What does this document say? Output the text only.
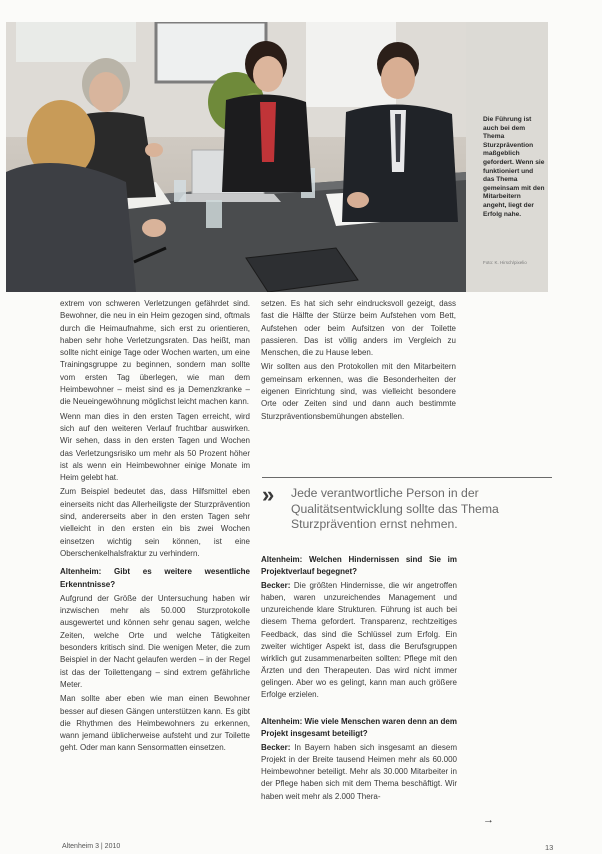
Die Führung ist auch bei dem Thema Sturzprävention maßgeblich gefordert. Wenn sie funktioniert und das Thema gemeinsam mit den Mitarbeitern angeht, liegt der Erfolg nahe.
Foto: K. Hirsch/pixelio

extrem von schweren Verletzungen gefährdet sind. Bewohner, die neu in ein Heim gezogen sind, oftmals durch die Heimaufnahme, sich erst zu orientieren, haben sehr hohe Verletzungsraten. Das heißt, man sollte nicht einige Tage oder Wochen warten, um eine Trainingsgruppe zu beginnen, sondern man sollte vom ersten Tag überlegen, wie man dem Heimbewohner – meist sind es ja Demenzkranke – die Neueingewöhnung möglichst leicht machen kann.

Wenn man dies in den ersten Tagen erreicht, wird sich auf den weiteren Verlauf fruchtbar auswirken. Wir sehen, dass in den ersten Tagen und Wochen das Verletzungsrisiko um mehr als 50 Prozent höher ist als wenn ein Heimbewohner einige Monate im Heim gelebt hat.

Zum Beispiel bedeutet das, dass Hilfsmittel eben einerseits nicht das Allerheiligste der Sturzprävention sind, andererseits aber in den ersten Tagen sehr vielleicht in den ersten ein bis zwei Wochen einsetzen wichtig sein können, ist eine Oberschenkelhalsfraktur zu verhindern.

Altenheim: Gibt es weitere wesentliche Erkenntnisse?

Aufgrund der Größe der Untersuchung haben wir inzwischen mehr als 50.000 Sturzprotokolle ausgewertet und können sehr genau sagen, welche Zeiten, welche Orte und welche Tätigkeiten besonders kritisch sind. Die wenigen Meter, die zum Beispiel in der Nacht gelaufen werden – in der Regel ist das der Toilettengang – sind extrem gefährliche Meter.

Man sollte aber eben wie man einen Bewohner besser auf diesen Gängen unterstützen kann. Es gibt die Rhythmen des Heimbewohners zu erkennen, wann jemand üblicherweise aufsteht und zur Toilette geht. Oder man kann Sensormatten einsetzen.

setzen. Es hat sich sehr eindrucksvoll gezeigt, dass fast die Hälfte der Stürze beim Aufstehen vom Bett, Aufstehen oder beim Aufsitzen von der Toilette passieren. Das ist völlig anders im Vergleich zu Menschen, die zu Hause leben.

Wir sollten aus den Protokollen mit den Mitarbeitern gemeinsam erkennen, was die Besonderheiten der eigenen Einrichtung sind, was vielleicht besondere Orte oder Zeiten sind und dann auch bestimmte Sturzpräventionsbemühungen abstellen.

» Jede verantwortliche Person in der Qualitätsentwicklung sollte das Thema Sturzprävention ernst nehmen.

Altenheim: Welchen Hindernissen sind Sie im Projektverlauf begegnet?

Becker: Die größten Hindernisse, die wir angetroffen haben, waren unzureichendes Management und unzureichende klare Strukturen. Führung ist auch bei diesem Thema gefordert. Transparenz, rechtzeitiges Feedback, das sind die Schlüssel zum Erfolg. Ein zweiter wichtiger Aspekt ist, dass die Berufsgruppen wirklich gut zusammenarbeiten sollten: Pflege mit den Ärzten und den Therapeuten. Das wird nicht immer gelingen. Aber wo es gelingt, kann man auch größere Erfolge erzielen.

Altenheim: Wie viele Menschen waren denn an dem Projekt insgesamt beteiligt?

Becker: In Bayern haben sich insgesamt an diesem Projekt in der Breite tausend Heimen mehr als 60.000 Heimbewohner beteiligt. Mehr als 30.000 Mitarbeiter in der Pflege haben sich mit dem Thema beschäftigt. Wir haben weit mehr als 2.000 Thera-

→
Altenheim 3 | 2010	13
